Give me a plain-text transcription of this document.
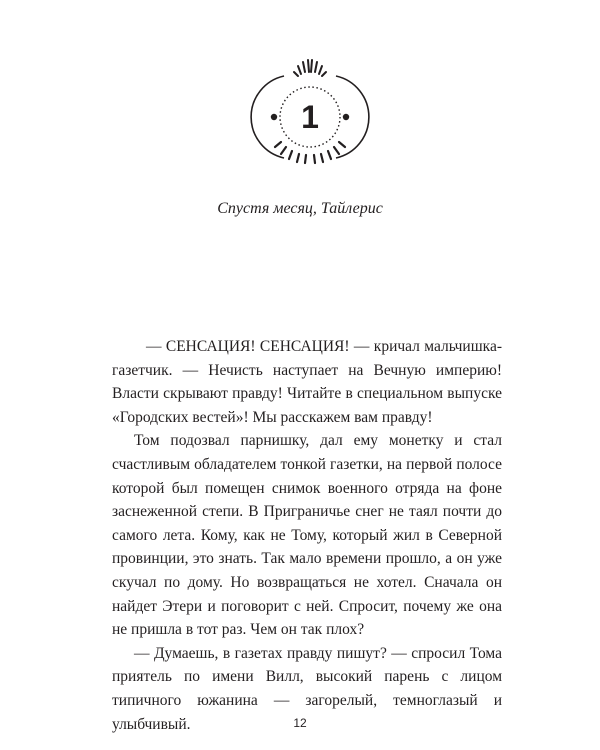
1
Спустя месяц, Тайлерис

— СЕНСАЦИЯ! СЕНСАЦИЯ! — кричал мальчишка-газетчик. — Нечисть наступает на Вечную империю! Власти скрывают правду! Читайте в специальном выпуске «Городских вестей»! Мы расскажем вам правду!

Том подозвал парнишку, дал ему монетку и стал счастливым обладателем тонкой газетки, на первой полосе которой был помещен снимок военного отряда на фоне заснеженной степи. В Приграничье снег не таял почти до самого лета. Кому, как не Тому, который жил в Северной провинции, это знать. Так мало времени прошло, а он уже скучал по дому. Но возвращаться не хотел. Сначала он найдет Этери и поговорит с ней. Спросит, почему же она не пришла в тот раз. Чем он так плох?

— Думаешь, в газетах правду пишут? — спросил Тома приятель по имени Вилл, высокий парень с лицом типичного южанина — загорелый, темноглазый и улыбчивый.	12
